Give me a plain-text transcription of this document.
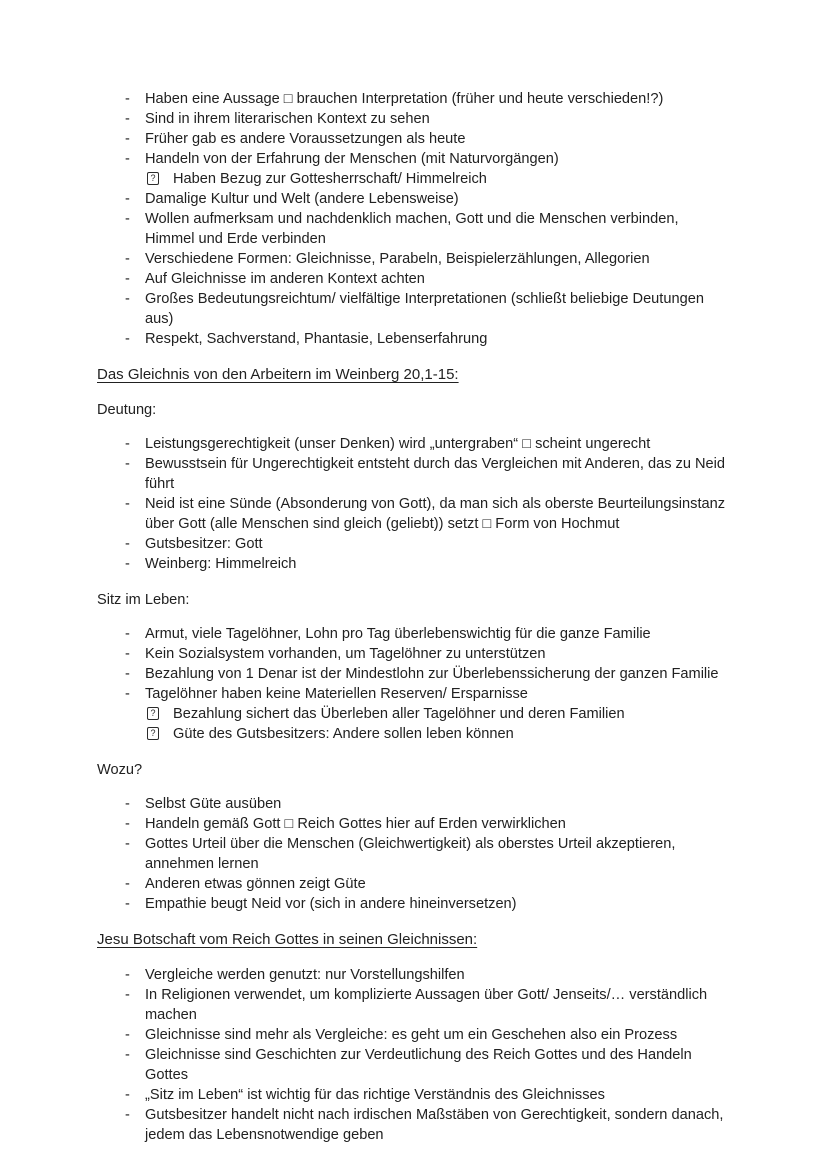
- Haben eine Aussage □ brauchen Interpretation (früher und heute verschieden!?)
- Sind in ihrem literarischen Kontext zu sehen
- Früher gab es andere Voraussetzungen als heute
- Handeln von der Erfahrung der Menschen (mit Naturvorgängen)
? Haben Bezug zur Gottesherrschaft/ Himmelreich
- Damalige Kultur und Welt (andere Lebensweise)
- Wollen aufmerksam und nachdenklich machen, Gott und die Menschen verbinden, Himmel und Erde verbinden
- Verschiedene Formen: Gleichnisse, Parabeln, Beispielerzählungen, Allegorien
- Auf Gleichnisse im anderen Kontext achten
- Großes Bedeutungsreichtum/ vielfältige Interpretationen (schließt beliebige Deutungen aus)
- Respekt, Sachverstand, Phantasie, Lebenserfahrung
Das Gleichnis von den Arbeitern im Weinberg 20,1-15:
Deutung:
- Leistungsgerechtigkeit (unser Denken) wird „untergraben“ □ scheint ungerecht
- Bewusstsein für Ungerechtigkeit entsteht durch das Vergleichen mit Anderen, das zu Neid führt
- Neid ist eine Sünde (Absonderung von Gott), da man sich als oberste Beurteilungsinstanz über Gott (alle Menschen sind gleich (geliebt)) setzt □ Form von Hochmut
- Gutsbesitzer: Gott
- Weinberg: Himmelreich
Sitz im Leben:
- Armut, viele Tagelöhner, Lohn pro Tag überlebenswichtig für die ganze Familie
- Kein Sozialsystem vorhanden, um Tagelöhner zu unterstützen
- Bezahlung von 1 Denar ist der Mindestlohn zur Überlebenssicherung der ganzen Familie
- Tagelöhner haben keine Materiellen Reserven/ Ersparnisse
? Bezahlung sichert das Überleben aller Tagelöhner und deren Familien
? Güte des Gutsbesitzers: Andere sollen leben können
Wozu?
- Selbst Güte ausüben
- Handeln gemäß Gott □ Reich Gottes hier auf Erden verwirklichen
- Gottes Urteil über die Menschen (Gleichwertigkeit) als oberstes Urteil akzeptieren, annehmen lernen
- Anderen etwas gönnen zeigt Güte
- Empathie beugt Neid vor (sich in andere hineinversetzen)
Jesu Botschaft vom Reich Gottes in seinen Gleichnissen:
- Vergleiche werden genutzt: nur Vorstellungshilfen
- In Religionen verwendet, um komplizierte Aussagen über Gott/ Jenseits/… verständlich machen
- Gleichnisse sind mehr als Vergleiche: es geht um ein Geschehen also ein Prozess
- Gleichnisse sind Geschichten zur Verdeutlichung des Reich Gottes und des Handeln Gottes
- „Sitz im Leben“ ist wichtig für das richtige Verständnis des Gleichnisses
- Gutsbesitzer handelt nicht nach irdischen Maßstäben von Gerechtigkeit, sondern danach, jedem das Lebensnotwendige geben
